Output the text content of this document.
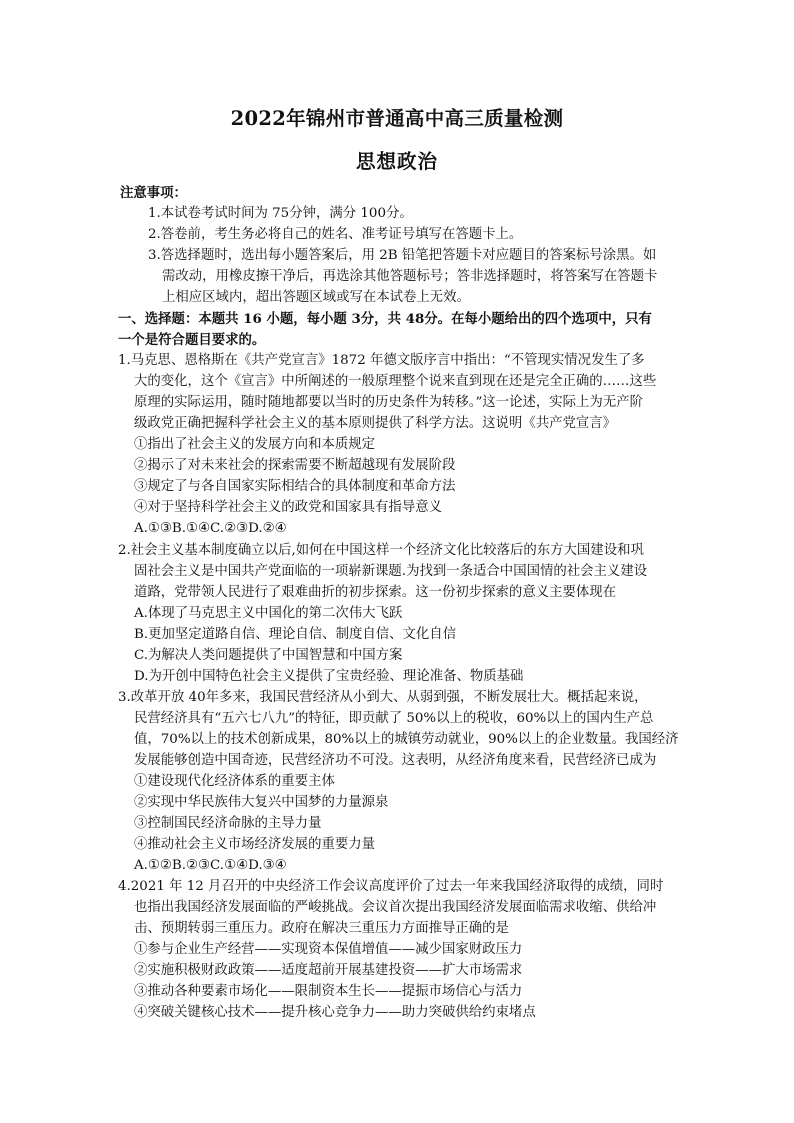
2022年锦州市普通高中高三质量检测
思想政治
注意事项：
1.本试卷考试时间为 75分钟，满分 100分。
2.答卷前，考生务必将自己的姓名、准考证号填写在答题卡上。
3.答选择题时，选出每小题答案后，用 2B 铅笔把答题卡对应题目的答案标号涂黑。如
需改动，用橡皮擦干净后，再选涂其他答题标号；答非选择题时，将答案写在答题卡
上相应区域内，超出答题区域或写在本试卷上无效。
一、选择题：本题共 16 小题，每小题 3分，共 48分。在每小题给出的四个选项中，只有
一个是符合题目要求的。
1.马克思、恩格斯在《共产党宣言》1872 年德文版序言中指出：“不管现实情况发生了多
大的变化，这个《宣言》中所阐述的一般原理整个说来直到现在还是完全正确的……这些
原理的实际运用，随时随地都要以当时的历史条件为转移。”这一论述，实际上为无产阶
级政党正确把握科学社会主义的基本原则提供了科学方法。这说明《共产党宣言》
①指出了社会主义的发展方向和本质规定
②揭示了对未来社会的探索需要不断超越现有发展阶段
③规定了与各自国家实际相结合的具体制度和革命方法
④对于坚持科学社会主义的政党和国家具有指导意义
A.①③B.①④C.②③D.②④
2.社会主义基本制度确立以后,如何在中国这样一个经济文化比较落后的东方大国建设和巩
固社会主义是中国共产党面临的一项崭新课题.为找到一条适合中国国情的社会主义建设
道路，党带领人民进行了艰难曲折的初步探索。这一份初步探索的意义主要体现在
A.体现了马克思主义中国化的第二次伟大飞跃
B.更加坚定道路自信、理论自信、制度自信、文化自信
C.为解决人类问题提供了中国智慧和中国方案
D.为开创中国特色社会主义提供了宝贵经验、理论准备、物质基础
3.改革开放 40年多来，我国民营经济从小到大、从弱到强，不断发展壮大。概括起来说，
民营经济具有“五六七八九”的特征，即贡献了 50%以上的税收，60%以上的国内生产总
值，70%以上的技术创新成果，80%以上的城镇劳动就业，90%以上的企业数量。我国经济
发展能够创造中国奇迹，民营经济功不可没。这表明，从经济角度来看，民营经济已成为
①建设现代化经济体系的重要主体
②实现中华民族伟大复兴中国梦的力量源泉
③控制国民经济命脉的主导力量
④推动社会主义市场经济发展的重要力量
A.①②B.②③C.①④D.③④
4.2021 年 12 月召开的中央经济工作会议高度评价了过去一年来我国经济取得的成绩，同时
也指出我国经济发展面临的严峻挑战。会议首次提出我国经济发展面临需求收缩、供给冲
击、预期转弱三重压力。政府在解决三重压力方面推导正确的是
①参与企业生产经营——实现资本保值增值——减少国家财政压力
②实施积极财政政策——适度超前开展基建投资——扩大市场需求
③推动各种要素市场化——限制资本生长——提振市场信心与活力
④突破关键核心技术——提升核心竞争力——助力突破供给约束堵点
